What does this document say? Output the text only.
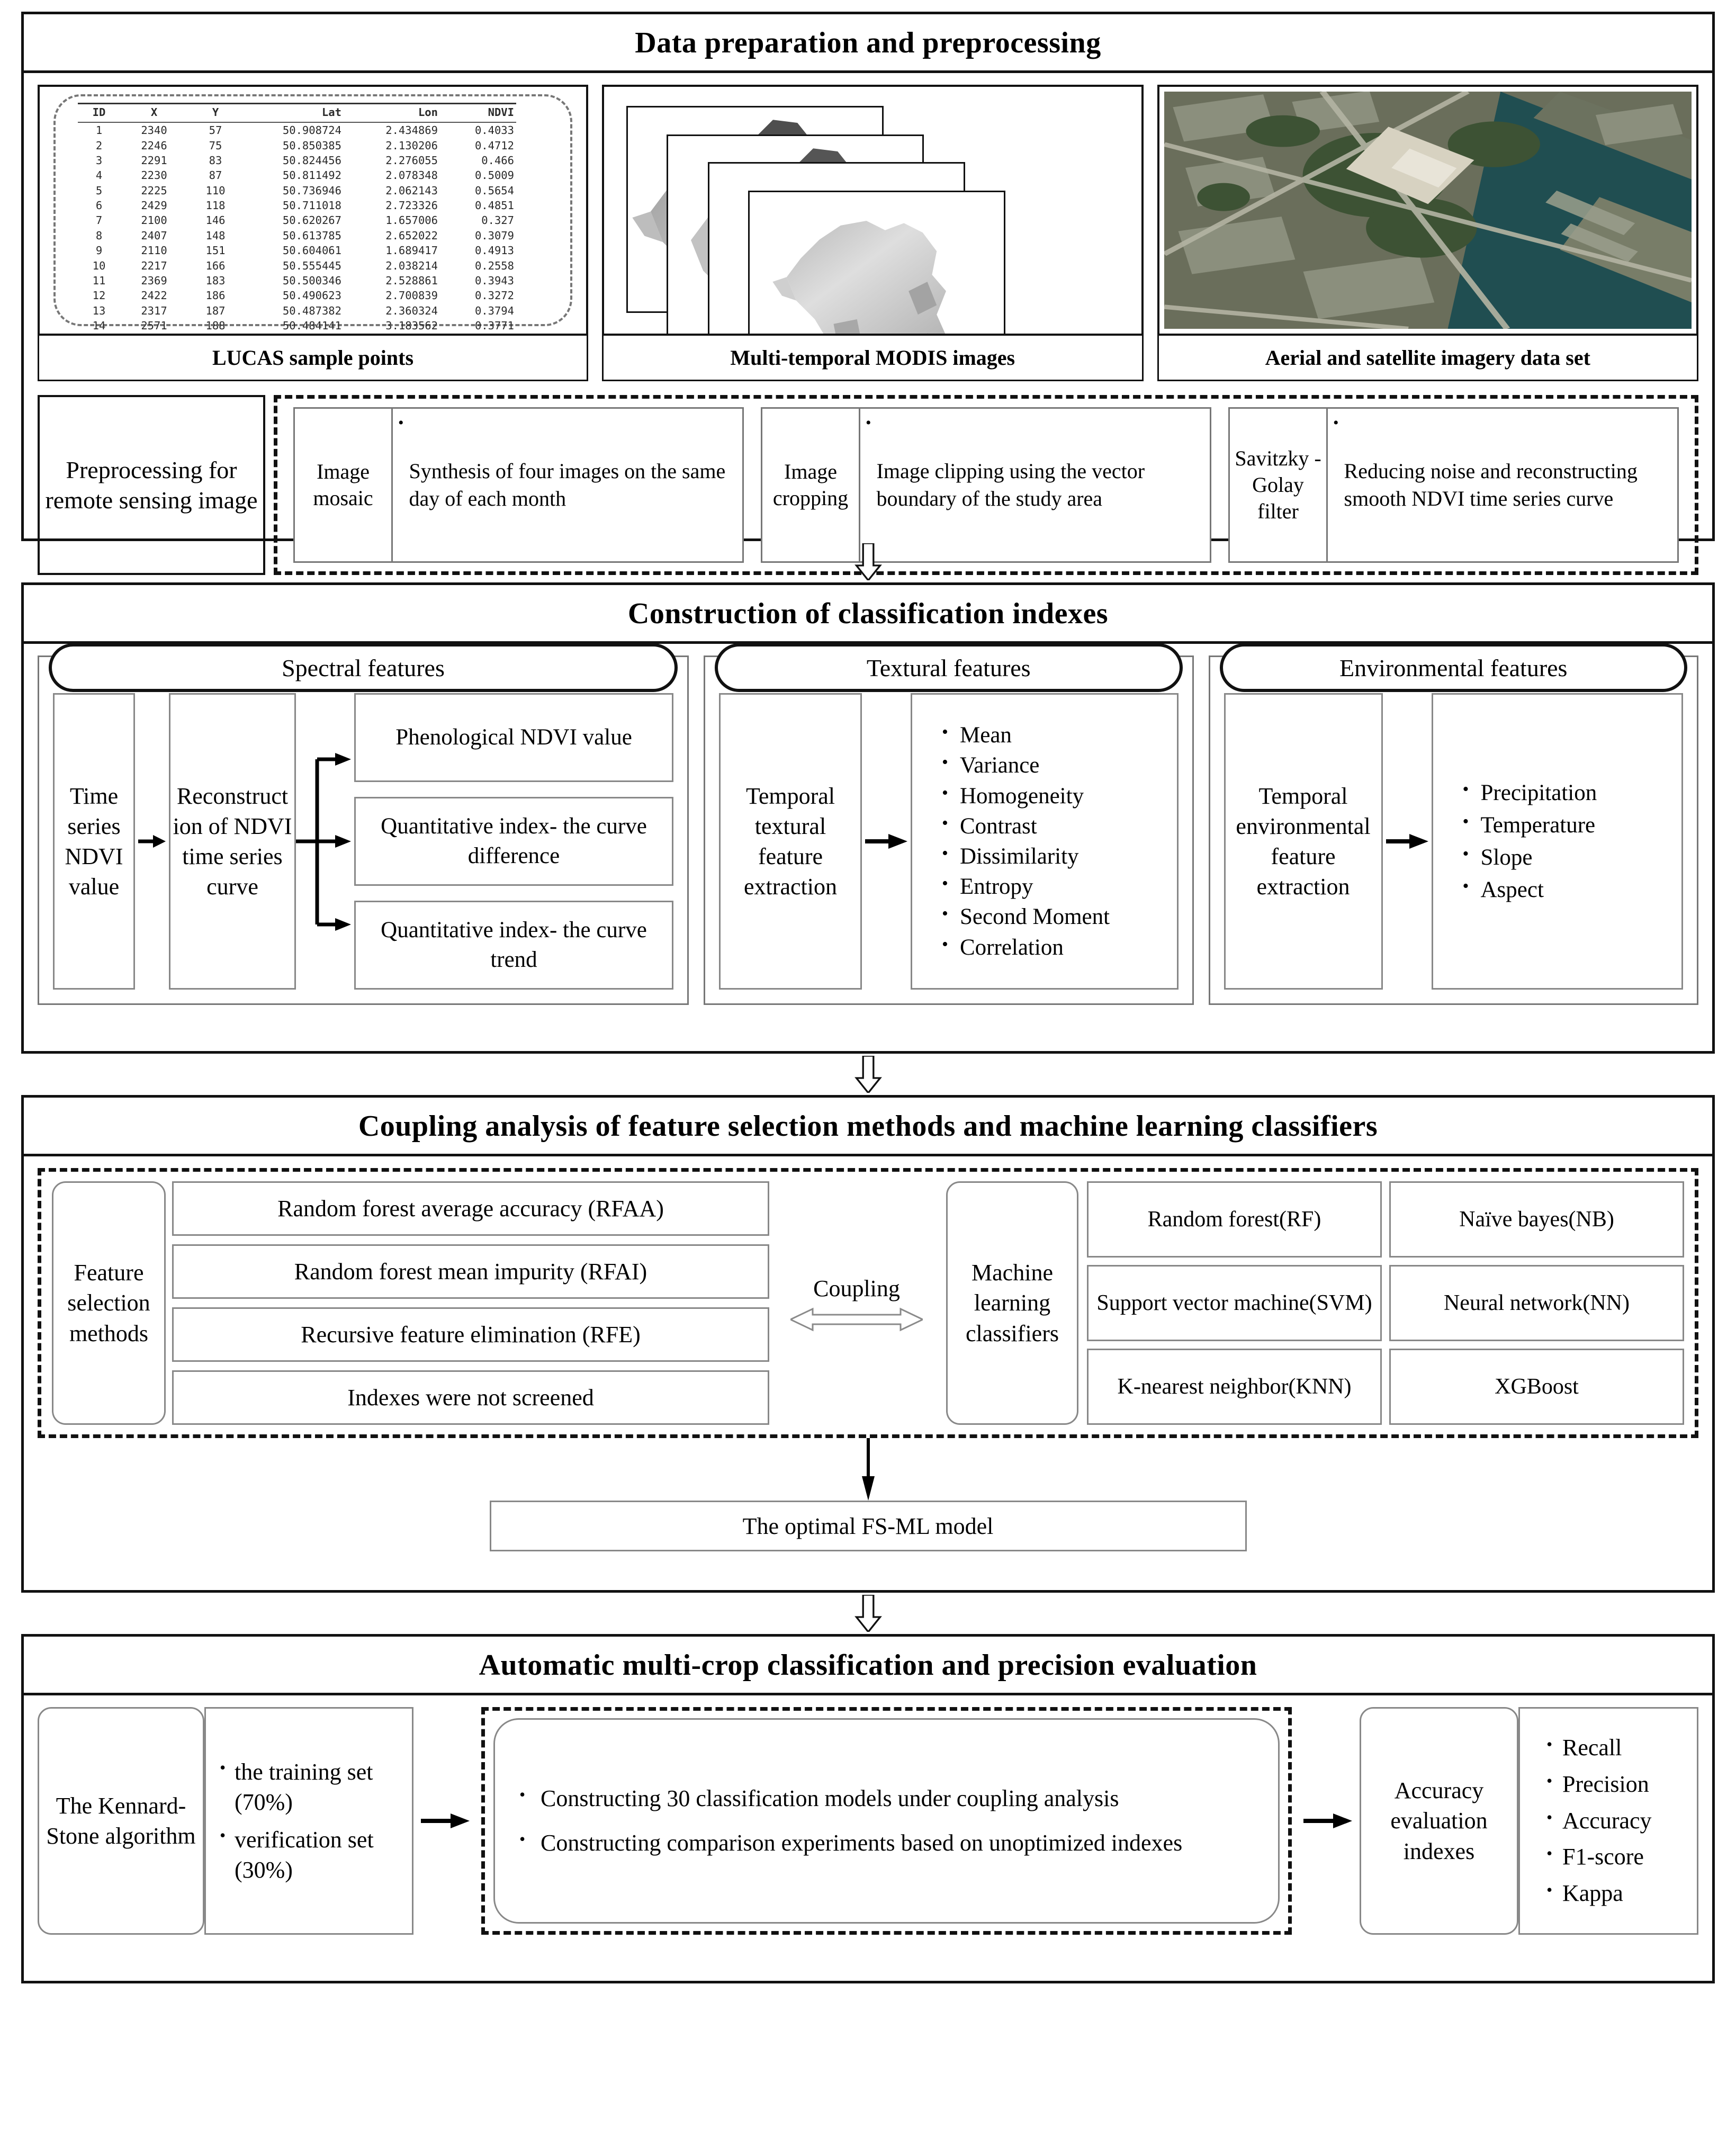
Data preparation and preprocessing
ID	X	Y	Lat	Lon	NDVI
1	2340	57	50.908724	2.434869	0.4033
2	2246	75	50.850385	2.130206	0.4712
3	2291	83	50.824456	2.276055	0.466
4	2230	87	50.811492	2.078348	0.5009
5	2225	110	50.736946	2.062143	0.5654
6	2429	118	50.711018	2.723326	0.4851
7	2100	146	50.620267	1.657006	0.327
8	2407	148	50.613785	2.652022	0.3079
9	2110	151	50.604061	1.689417	0.4913
10	2217	166	50.555445	2.038214	0.2558
11	2369	183	50.500346	2.528861	0.3943
12	2422	186	50.490623	2.700839	0.3272
13	2317	187	50.487382	2.360324	0.3794
14	2571	188	50.484141	3.183562	0.3771

LUCAS sample points	Multi-temporal MODIS images	Aerial and satellite imagery data set
Preprocessing for remote sensing image
Image mosaic
•
Synthesis of four images on the same day of each month
Image cropping
•
Image clipping using the vector boundary of the study area
Savitzky -Golay filter
•
Reducing noise and reconstructing smooth NDVI time series curve
Construction of classification indexes
Spectral features
Time series NDVI value
Reconstruct ion of NDVI time series curve
Phenological NDVI value
Quantitative index- the curve difference
Quantitative index- the curve trend
Textural features
Temporal textural feature extraction
• Mean
• Variance
• Homogeneity
• Contrast
• Dissimilarity
• Entropy
• Second Moment
• Correlation
Environmental features
Temporal environmental feature extraction
• Precipitation
• Temperature
• Slope
• Aspect
Coupling analysis of feature selection methods and machine learning classifiers
Feature selection methods
Random forest average accuracy (RFAA)
Random forest mean impurity (RFAI)
Recursive feature elimination (RFE)
Indexes were not screened
Coupling
Machine learning classifiers
Random forest(RF)	Naïve bayes(NB)
Support vector machine(SVM)	Neural network(NN)
K-nearest neighbor(KNN)	XGBoost
The optimal FS-ML model
Automatic multi-crop classification and precision evaluation
The Kennard-Stone algorithm
• the training set (70%)
• verification set (30%)
• Constructing 30 classification models under coupling analysis
• Constructing comparison experiments based on unoptimized indexes
Accuracy evaluation indexes
• Recall
• Precision
• Accuracy
• F1-score
• Kappa
